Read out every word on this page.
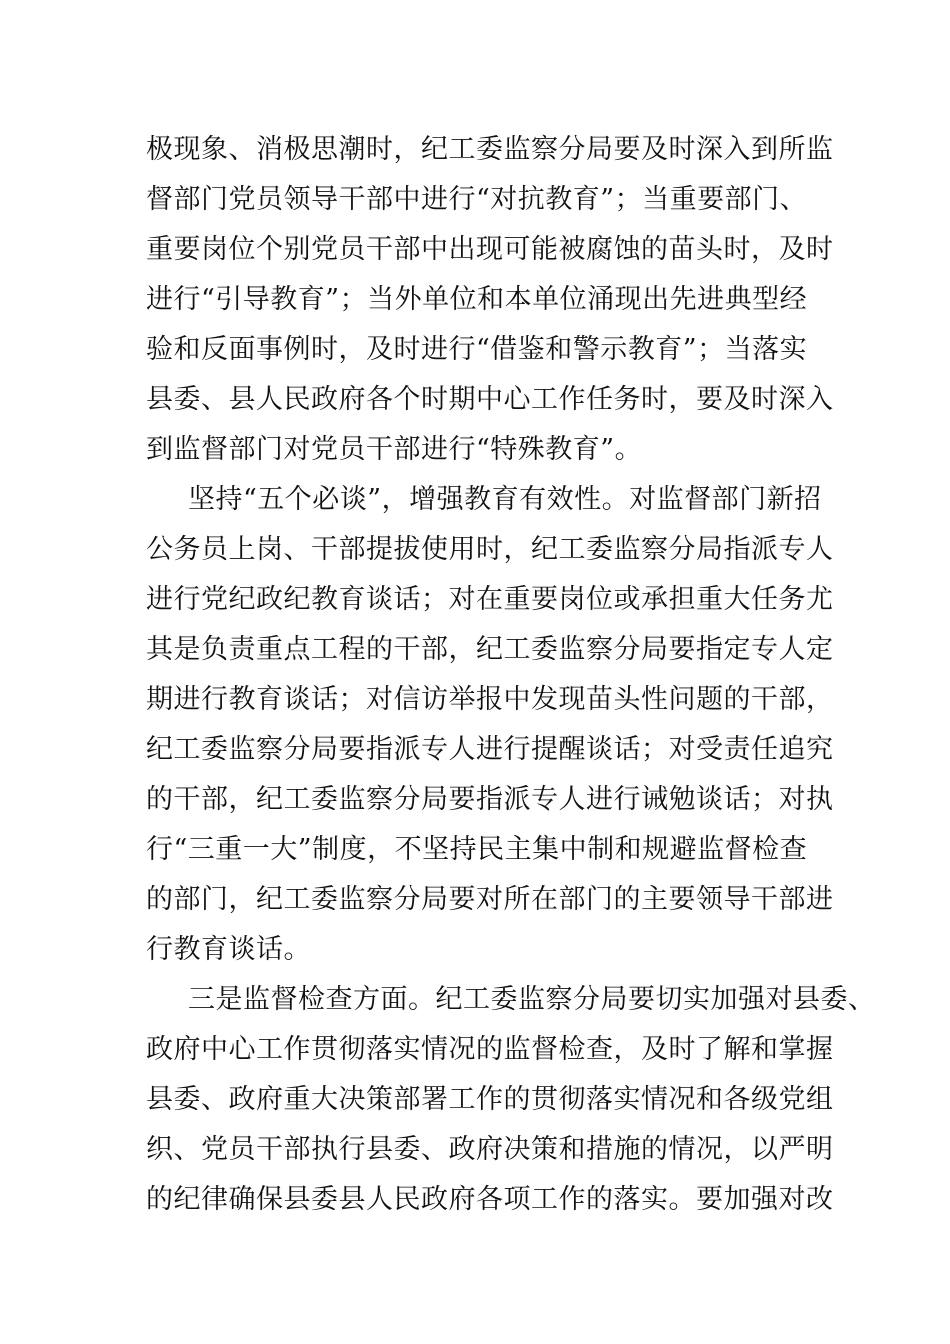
极现象、消极思潮时，纪工委监察分局要及时深入到所监
督部门党员领导干部中进行“对抗教育”；当重要部门、
重要岗位个别党员干部中出现可能被腐蚀的苗头时，及时
进行“引导教育”；当外单位和本单位涌现出先进典型经
验和反面事例时，及时进行“借鉴和警示教育”；当落实
县委、县人民政府各个时期中心工作任务时，要及时深入
到监督部门对党员干部进行“特殊教育”。
坚持“五个必谈”，增强教育有效性。对监督部门新招
公务员上岗、干部提拔使用时，纪工委监察分局指派专人
进行党纪政纪教育谈话；对在重要岗位或承担重大任务尤
其是负责重点工程的干部，纪工委监察分局要指定专人定
期进行教育谈话；对信访举报中发现苗头性问题的干部，
纪工委监察分局要指派专人进行提醒谈话；对受责任追究
的干部，纪工委监察分局要指派专人进行诫勉谈话；对执
行“三重一大”制度，不坚持民主集中制和规避监督检查
的部门，纪工委监察分局要对所在部门的主要领导干部进
行教育谈话。
三是监督检查方面。纪工委监察分局要切实加强对县委、
政府中心工作贯彻落实情况的监督检查，及时了解和掌握
县委、政府重大决策部署工作的贯彻落实情况和各级党组
织、党员干部执行县委、政府决策和措施的情况，以严明
的纪律确保县委县人民政府各项工作的落实。要加强对改
